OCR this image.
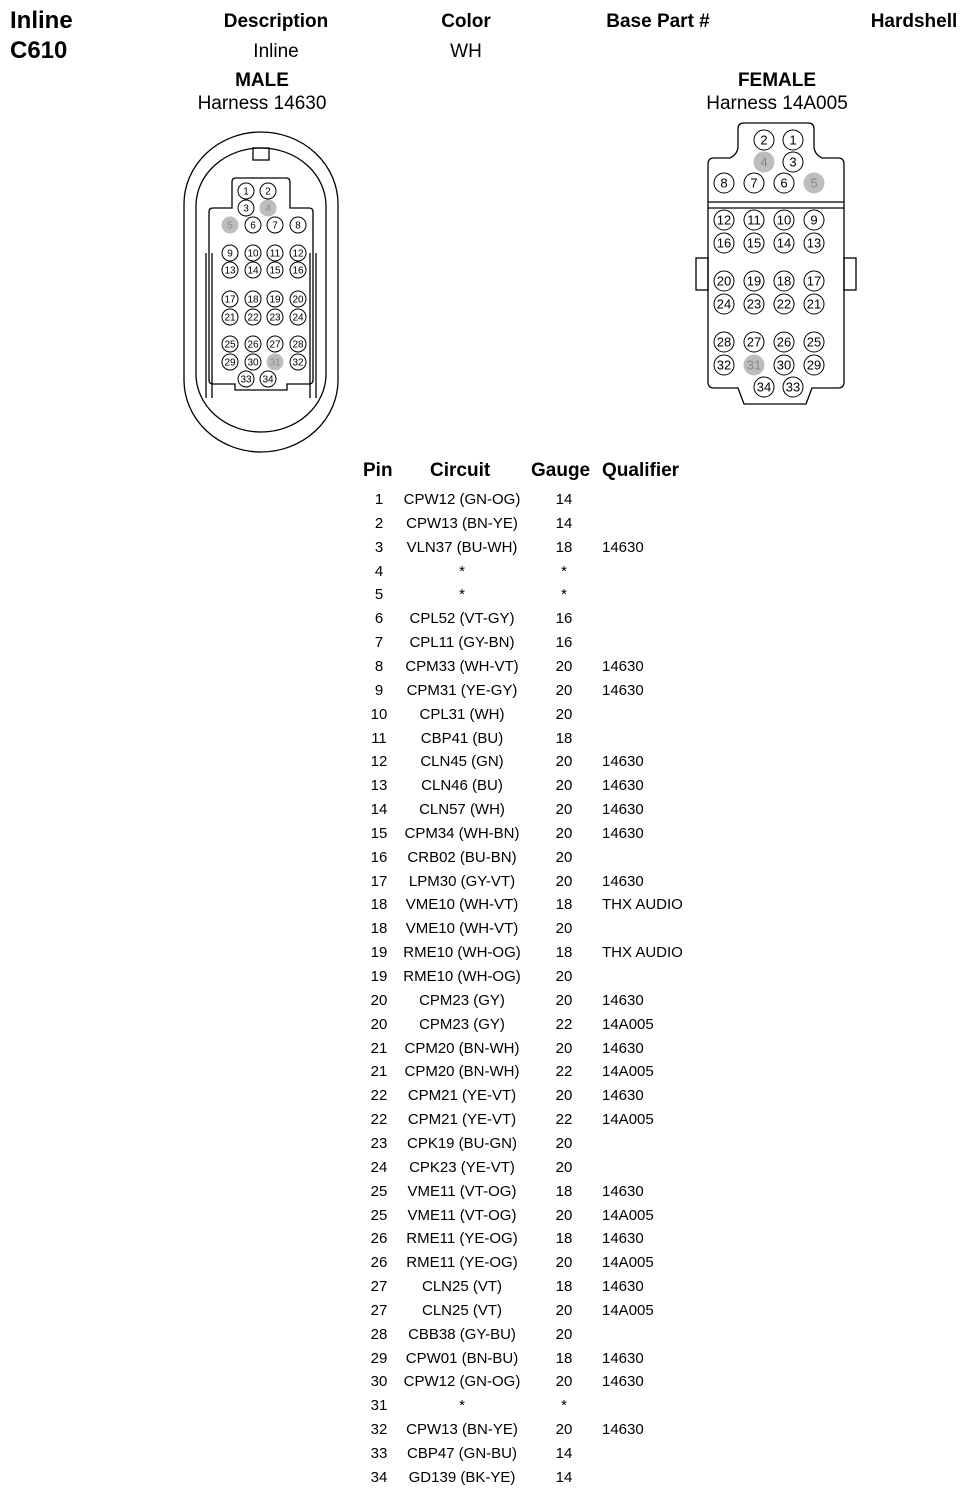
Inline
C610
Description	Color	Base Part #	Hardshell
Inline	WH
MALE
Harness 14630
FEMALE
Harness 14A005
1 2
3 4
5 6 7 8
9 10 11 12
13 14 15 16
17 18 19 20
21 22 23 24
25 26 27 28
29 30 31 32
33 34
1
2
3
4
5
6
7
8
9
10
11
12
13
14
15
16
17
18
19
20
21
22
23
24
25
26
27
28
29
30
31
32
33
34
Pin Circuit Gauge Qualifier
1	CPW12 (GN-OG)	14
2	CPW13 (BN-YE)	14
3	VLN37 (BU-WH)	18	14630
4	*	*
5	*	*
6	CPL52 (VT-GY)	16
7	CPL11 (GY-BN)	16
8	CPM33 (WH-VT)	20	14630
9	CPM31 (YE-GY)	20	14630
10	CPL31 (WH)	20
11	CBP41 (BU)	18
12	CLN45 (GN)	20	14630
13	CLN46 (BU)	20	14630
14	CLN57 (WH)	20	14630
15	CPM34 (WH-BN)	20	14630
16	CRB02 (BU-BN)	20
17	LPM30 (GY-VT)	20	14630
18	VME10 (WH-VT)	18	THX AUDIO
18	VME10 (WH-VT)	20
19	RME10 (WH-OG)	18	THX AUDIO
19	RME10 (WH-OG)	20
20	CPM23 (GY)	20	14630
20	CPM23 (GY)	22	14A005
21	CPM20 (BN-WH)	20	14630
21	CPM20 (BN-WH)	22	14A005
22	CPM21 (YE-VT)	20	14630
22	CPM21 (YE-VT)	22	14A005
23	CPK19 (BU-GN)	20
24	CPK23 (YE-VT)	20
25	VME11 (VT-OG)	18	14630
25	VME11 (VT-OG)	20	14A005
26	RME11 (YE-OG)	18	14630
26	RME11 (YE-OG)	20	14A005
27	CLN25 (VT)	18	14630
27	CLN25 (VT)	20	14A005
28	CBB38 (GY-BU)	20
29	CPW01 (BN-BU)	18	14630
30	CPW12 (GN-OG)	20	14630
31	*	*
32	CPW13 (BN-YE)	20	14630
33	CBP47 (GN-BU)	14
34	GD139 (BK-YE)	14
